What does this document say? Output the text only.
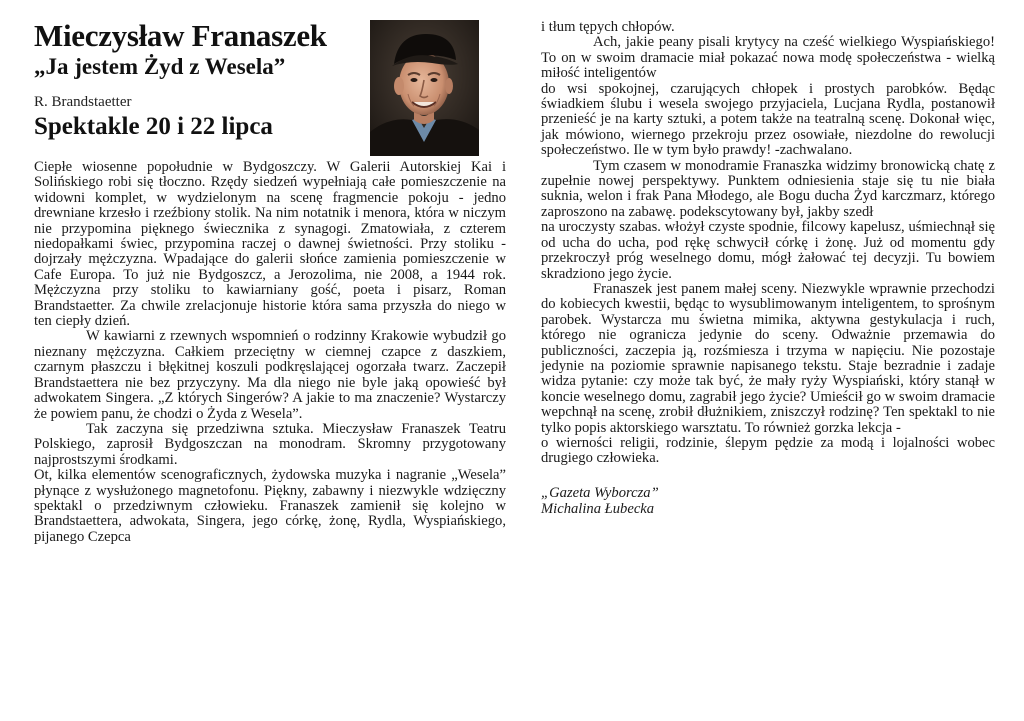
Mieczysław Franaszek
„Ja jestem Żyd z Wesela”
R. Brandstaetter
Spektakle 20 i 22 lipca

Ciepłe wiosenne popołudnie w Bydgoszczy. W Galerii Autorskiej Kai i Solińskiego robi się tłoczno. Rzędy siedzeń wypełniają całe pomieszczenie na widowni komplet, w wydzielonym na scenę fragmencie pokoju - jedno drewniane krzesło i rzeźbiony stolik. Na nim notatnik i menora, która w niczym nie przypomina pięknego świecznika z synagogi. Zmatowiała, z czterem niedopałkami świec, przypomina raczej o dawnej świetności. Przy stoliku - dojrzały mężczyzna. Wpadające do galerii słońce zamienia pomieszczenie w Cafe Europa. To już nie Bydgoszcz, a Jerozolima, nie 2008, a 1944 rok. Mężczyzna przy stoliku to kawiarniany gość, poeta i pisarz, Roman Brandstaetter. Za chwile zrelacjonuje historie która sama przyszła do niego w ten ciepły dzień.

W kawiarni z rzewnych wspomnień o rodzinny Krakowie wybudził go nieznany mężczyzna. Całkiem przeciętny w ciemnej czapce z daszkiem, czarnym płaszczu i błękitnej koszuli podkręslającej ogorzała twarz. Zaczepił Brandstaettera nie bez przyczyny. Ma dla niego nie byle jaką opowieść był adwokatem Singera. „Z których Singerów? A jakie to ma znaczenie? Wystarczy że powiem panu, że chodzi o Żyda z Wesela”.

Tak zaczyna się przedziwna sztuka. Mieczysław Franaszek Teatru Polskiego, zaprosił Bydgoszczan na monodram. Skromny przygotowany najprostszymi środkami.

Ot, kilka elementów scenograficznych, żydowska muzyka i nagranie „Wesela” płynące z wysłużonego magnetofonu. Piękny, zabawny i niezwykle wdzięczny spektakl o przedziwnym człowieku. Franaszek zamienił się kolejno w Brandstaettera, adwokata, Singera, jego córkę, żonę, Rydla, Wyspiańskiego, pijanego Czepca

i tłum tępych chłopów.

Ach, jakie peany pisali krytycy na cześć wielkiego Wyspiańskiego! To on w swoim dramacie miał pokazać nowa modę społeczeństwa - wielką miłość inteligentów

do wsi spokojnej, czarujących chłopek i prostych parobków. Będąc świadkiem ślubu i wesela swojego przyjaciela, Lucjana Rydla, postanowił przenieść je na karty sztuki, a potem także na teatralną scenę. Dokonał więc, jak mówiono, wiernego przekroju przez osowiałe, niezdolne do rewolucji społeczeństwo. Ile w tym było prawdy! -zachwalano.

Tym czasem w monodramie Franaszka widzimy bronowicką chatę z zupełnie nowej perspektywy. Punktem odniesienia staje się tu nie biała suknia, welon i frak Pana Młodego, ale Bogu ducha Żyd karczmarz, którego zaproszono na zabawę. podekscytowany był, jakby szedł

na uroczysty szabas. włożył czyste spodnie, filcowy kapelusz, uśmiechnął się od ucha do ucha, pod rękę schwycił córkę i żonę. Już od momentu gdy przekroczył próg weselnego domu, mógł żałować tej decyzji. Tu bowiem skradziono jego życie.

Franaszek jest panem małej sceny. Niezwykle wprawnie przechodzi do kobiecych kwestii, będąc to wysublimowanym inteligentem, to sprośnym parobek. Wystarcza mu świetna mimika, aktywna gestykulacja i ruch, którego nie ogranicza jedynie do sceny. Odważnie przemawia do publiczności, zaczepia ją, rozśmiesza i trzyma w napięciu. Nie pozostaje jedynie na poziomie sprawnie napisanego tekstu. Staje bezradnie i zadaje widza pytanie: czy może tak być, że mały ryży Wyspiański, który stanął w koncie weselnego domu, zagrabił jego życie? Umieścił go w swoim dramacie wepchnął na scenę, zrobił dłużnikiem, zniszczył rodzinę? Ten spektakl to nie tylko popis aktorskiego warsztatu. To również gorzka lekcja -

o wierności religii, rodzinie, ślepym pędzie za modą i lojalności wobec drugiego człowieka.

„Gazeta Wyborcza”
Michalina Łubecka
